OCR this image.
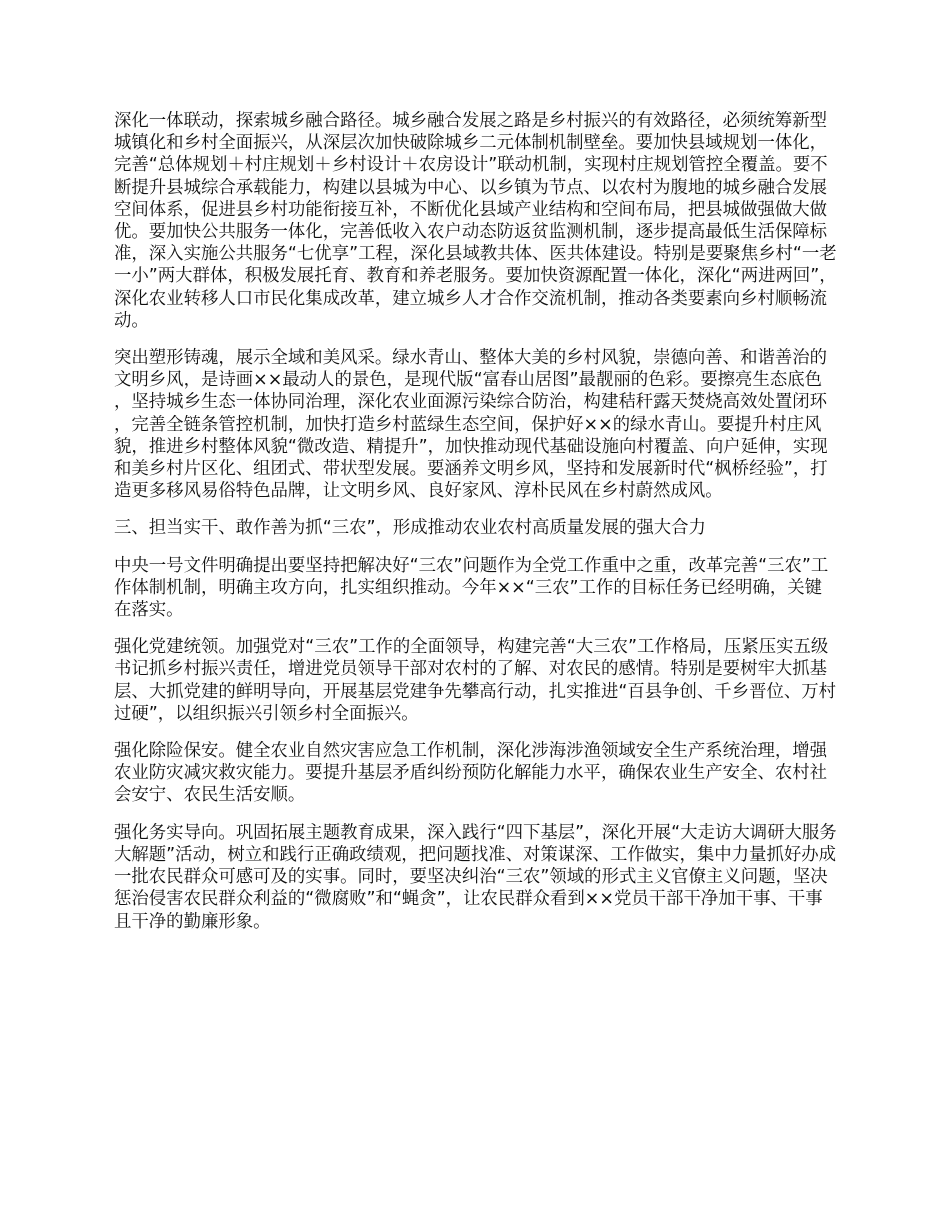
深化一体联动，探索城乡融合路径。城乡融合发展之路是乡村振兴的有效路径，必须统筹新型城镇化和乡村全面振兴，从深层次加快破除城乡二元体制机制壁垒。要加快县域规划一体化，完善“总体规划＋村庄规划＋乡村设计＋农房设计”联动机制，实现村庄规划管控全覆盖。要不断提升县城综合承载能力，构建以县城为中心、以乡镇为节点、以农村为腹地的城乡融合发展空间体系，促进县乡村功能衔接互补，不断优化县域产业结构和空间布局，把县城做强做大做优。要加快公共服务一体化，完善低收入农户动态防返贫监测机制，逐步提高最低生活保障标准，深入实施公共服务“七优享”工程，深化县域教共体、医共体建设。特别是要聚焦乡村“一老一小”两大群体，积极发展托育、教育和养老服务。要加快资源配置一体化，深化“两进两回”，深化农业转移人口市民化集成改革，建立城乡人才合作交流机制，推动各类要素向乡村顺畅流动。

突出塑形铸魂，展示全域和美风采。绿水青山、整体大美的乡村风貌，崇德向善、和谐善治的文明乡风，是诗画××最动人的景色，是现代版“富春山居图”最靓丽的色彩。要擦亮生态底色，坚持城乡生态一体协同治理，深化农业面源污染综合防治，构建秸秆露天焚烧高效处置闭环，完善全链条管控机制，加快打造乡村蓝绿生态空间，保护好××的绿水青山。要提升村庄风貌，推进乡村整体风貌“微改造、精提升”，加快推动现代基础设施向村覆盖、向户延伸，实现和美乡村片区化、组团式、带状型发展。要涵养文明乡风，坚持和发展新时代“枫桥经验”，打造更多移风易俗特色品牌，让文明乡风、良好家风、淳朴民风在乡村蔚然成风。

三、担当实干、敢作善为抓“三农”，形成推动农业农村高质量发展的强大合力

中央一号文件明确提出要坚持把解决好“三农”问题作为全党工作重中之重，改革完善“三农”工作体制机制，明确主攻方向，扎实组织推动。今年××“三农”工作的目标任务已经明确，关键在落实。

强化党建统领。加强党对“三农”工作的全面领导，构建完善“大三农”工作格局，压紧压实五级书记抓乡村振兴责任，增进党员领导干部对农村的了解、对农民的感情。特别是要树牢大抓基层、大抓党建的鲜明导向，开展基层党建争先攀高行动，扎实推进“百县争创、千乡晋位、万村过硬”，以组织振兴引领乡村全面振兴。

强化除险保安。健全农业自然灾害应急工作机制，深化涉海涉渔领域安全生产系统治理，增强农业防灾减灾救灾能力。要提升基层矛盾纠纷预防化解能力水平，确保农业生产安全、农村社会安宁、农民生活安顺。

强化务实导向。巩固拓展主题教育成果，深入践行“四下基层”，深化开展“大走访大调研大服务大解题”活动，树立和践行正确政绩观，把问题找准、对策谋深、工作做实，集中力量抓好办成一批农民群众可感可及的实事。同时，要坚决纠治“三农”领域的形式主义官僚主义问题，坚决惩治侵害农民群众利益的“微腐败”和“蝇贪”，让农民群众看到××党员干部干净加干事、干事且干净的勤廉形象。
